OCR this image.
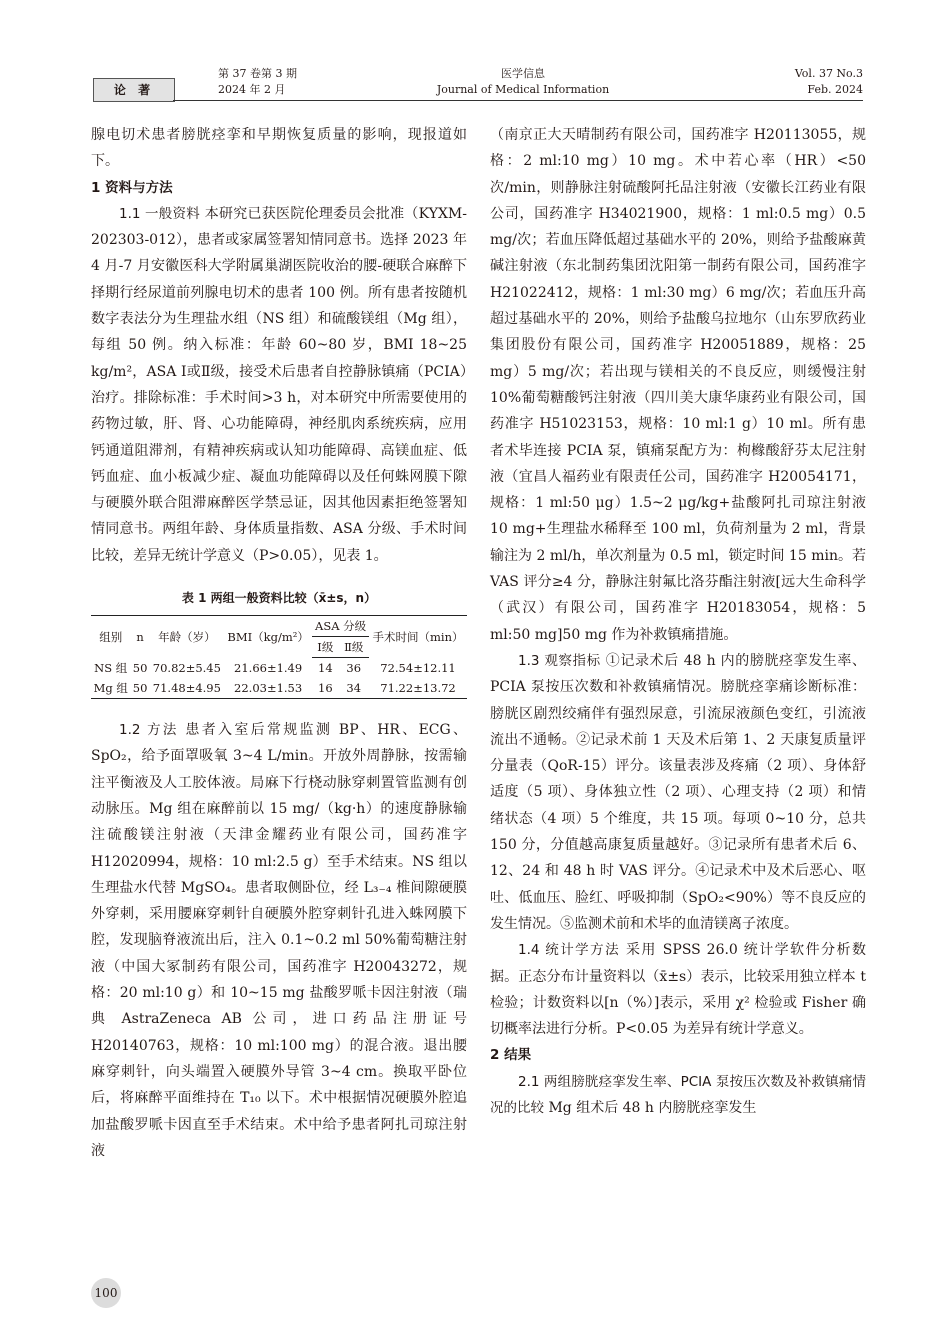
论 著
第 37 卷第 3 期
2024 年 2 月
医学信息
Journal of Medical Information
Vol. 37 No.3
Feb. 2024

腺电切术患者膀胱痉挛和早期恢复质量的影响，现报道如下。

1 资料与方法

1.1 一般资料 本研究已获医院伦理委员会批准（KYXM-202303-012），患者或家属签署知情同意书。选择 2023 年 4 月-7 月安徽医科大学附属巢湖医院收治的腰-硬联合麻醉下择期行经尿道前列腺电切术的患者 100 例。所有患者按随机数字表法分为生理盐水组（NS 组）和硫酸镁组（Mg 组），每组 50 例。纳入标准：年龄 60~80 岁，BMI 18~25 kg/m²，ASA Ⅰ或Ⅱ级，接受术后患者自控静脉镇痛（PCIA）治疗。排除标准：手术时间>3 h，对本研究中所需要使用的药物过敏，肝、肾、心功能障碍，神经肌肉系统疾病，应用钙通道阻滞剂，有精神疾病或认知功能障碍、高镁血症、低钙血症、血小板减少症、凝血功能障碍以及任何蛛网膜下隙与硬膜外联合阻滞麻醉医学禁忌证，因其他因素拒绝签署知情同意书。两组年龄、身体质量指数、ASA 分级、手术时间比较，差异无统计学意义（P>0.05），见表 1。

表 1 两组一般资料比较（x̄±s，n）
组别	n	年龄（岁）	BMI（kg/m²）	ASA 分级		手术时间（min）
				Ⅰ级	Ⅱ级	
NS 组	50	70.82±5.45	21.66±1.49	14	36	72.54±12.11
Mg 组	50	71.48±4.95	22.03±1.53	16	34	71.22±13.72

1.2 方法 患者入室后常规监测 BP、HR、ECG、SpO₂，给予面罩吸氧 3~4 L/min。开放外周静脉，按需输注平衡液及人工胶体液。局麻下行桡动脉穿刺置管监测有创动脉压。Mg 组在麻醉前以 15 mg/（kg·h）的速度静脉输注硫酸镁注射液（天津金耀药业有限公司，国药准字 H12020994，规格：10 ml:2.5 g）至手术结束。NS 组以生理盐水代替 MgSO₄。患者取侧卧位，经 L₃₋₄ 椎间隙硬膜外穿刺，采用腰麻穿刺针自硬膜外腔穿刺针孔进入蛛网膜下腔，发现脑脊液流出后，注入 0.1~0.2 ml 50%葡萄糖注射液（中国大冢制药有限公司，国药准字 H20043272，规格：20 ml:10 g）和 10~15 mg 盐酸罗哌卡因注射液（瑞典 AstraZeneca AB 公司，进口药品注册证号 H20140763，规格：10 ml:100 mg）的混合液。退出腰麻穿刺针，向头端置入硬膜外导管 3~4 cm。换取平卧位后，将麻醉平面维持在 T₁₀ 以下。术中根据情况硬膜外腔追加盐酸罗哌卡因直至手术结束。术中给予患者阿扎司琼注射液

（南京正大天晴制药有限公司，国药准字 H20113055，规格：2 ml:10 mg）10 mg。术中若心率（HR）<50 次/min，则静脉注射硫酸阿托品注射液（安徽长江药业有限公司，国药准字 H34021900，规格：1 ml:0.5 mg）0.5 mg/次；若血压降低超过基础水平的 20%，则给予盐酸麻黄碱注射液（东北制药集团沈阳第一制药有限公司，国药准字 H21022412，规格：1 ml:30 mg）6 mg/次；若血压升高超过基础水平的 20%，则给予盐酸乌拉地尔（山东罗欣药业集团股份有限公司，国药准字 H20051889，规格：25 mg）5 mg/次；若出现与镁相关的不良反应，则缓慢注射 10%葡萄糖酸钙注射液（四川美大康华康药业有限公司，国药准字 H51023153，规格：10 ml:1 g）10 ml。所有患者术毕连接 PCIA 泵，镇痛泵配方为：枸橼酸舒芬太尼注射液（宜昌人福药业有限责任公司，国药准字 H20054171，规格：1 ml:50 μg）1.5~2 μg/kg+盐酸阿扎司琼注射液 10 mg+生理盐水稀释至 100 ml，负荷剂量为 2 ml，背景输注为 2 ml/h，单次剂量为 0.5 ml，锁定时间 15 min。若 VAS 评分≥4 分，静脉注射氟比洛芬酯注射液[远大生命科学（武汉）有限公司，国药准字 H20183054，规格：5 ml:50 mg]50 mg 作为补救镇痛措施。

1.3 观察指标 ①记录术后 48 h 内的膀胱痉挛发生率、PCIA 泵按压次数和补救镇痛情况。膀胱痉挛痛诊断标准：膀胱区剧烈绞痛伴有强烈尿意，引流尿液颜色变红，引流液流出不通畅。②记录术前 1 天及术后第 1、2 天康复质量评分量表（QoR-15）评分。该量表涉及疼痛（2 项）、身体舒适度（5 项）、身体独立性（2 项）、心理支持（2 项）和情绪状态（4 项）5 个维度，共 15 项。每项 0~10 分，总共 150 分，分值越高康复质量越好。③记录所有患者术后 6、12、24 和 48 h 时 VAS 评分。④记录术中及术后恶心、呕吐、低血压、脸红、呼吸抑制（SpO₂<90%）等不良反应的发生情况。⑤监测术前和术毕的血清镁离子浓度。

1.4 统计学方法 采用 SPSS 26.0 统计学软件分析数据。正态分布计量资料以（x̄±s）表示，比较采用独立样本 t 检验；计数资料以[n（%）]表示，采用 χ² 检验或 Fisher 确切概率法进行分析。P<0.05 为差异有统计学意义。

2 结果

2.1 两组膀胱痉挛发生率、PCIA 泵按压次数及补救镇痛情况的比较 Mg 组术后 48 h 内膀胱痉挛发生

100
